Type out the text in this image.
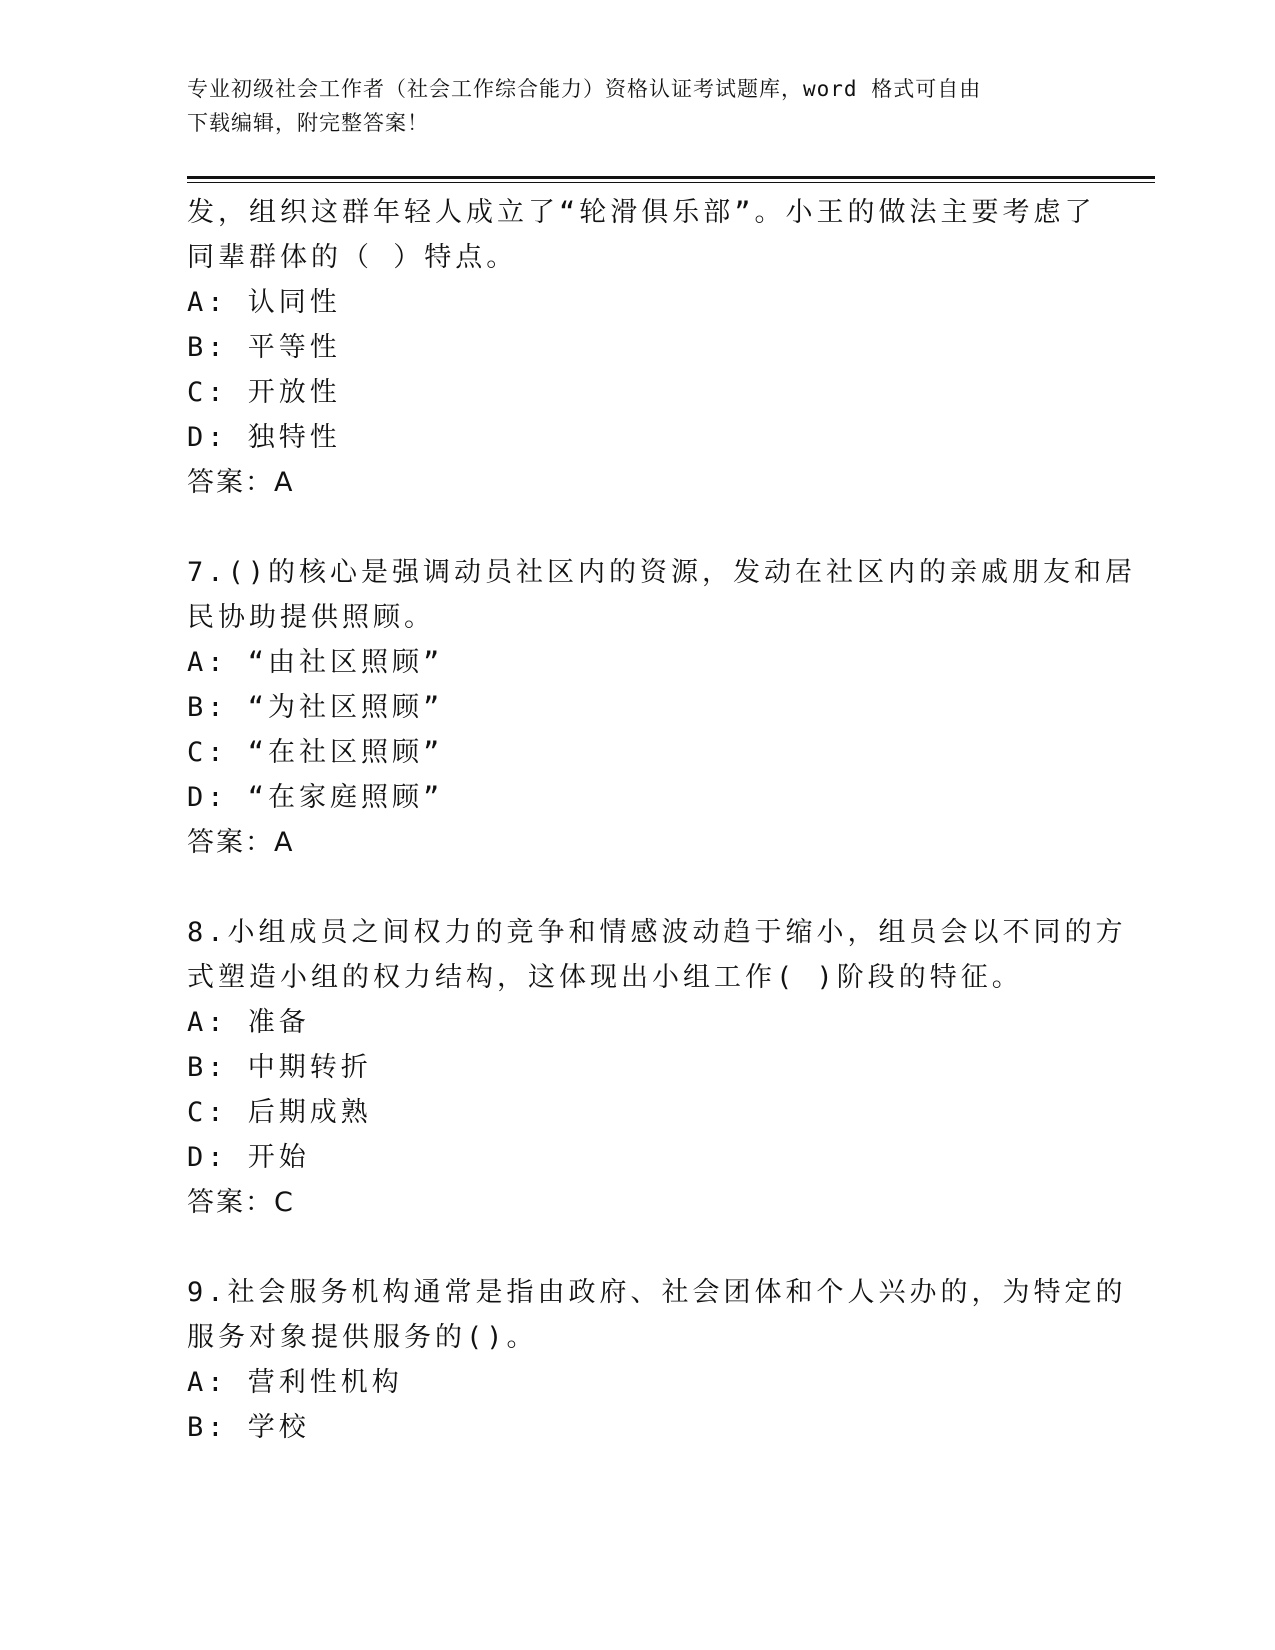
专业初级社会工作者（社会工作综合能力）资格认证考试题库，word 格式可自由
下载编辑，附完整答案！
发，组织这群年轻人成立了“轮滑俱乐部”。小王的做法主要考虑了
同辈群体的（ ）特点。
A: 认同性
B: 平等性
C: 开放性
D: 独特性
答案：A
7.()的核心是强调动员社区内的资源，发动在社区内的亲戚朋友和居
民协助提供照顾。
A: “由社区照顾”
B: “为社区照顾”
C: “在社区照顾”
D: “在家庭照顾”
答案：A
8.小组成员之间权力的竞争和情感波动趋于缩小，组员会以不同的方
式塑造小组的权力结构，这体现出小组工作( )阶段的特征。
A: 准备
B: 中期转折
C: 后期成熟
D: 开始
答案：C
9.社会服务机构通常是指由政府、社会团体和个人兴办的，为特定的
服务对象提供服务的()。
A: 营利性机构
B: 学校
